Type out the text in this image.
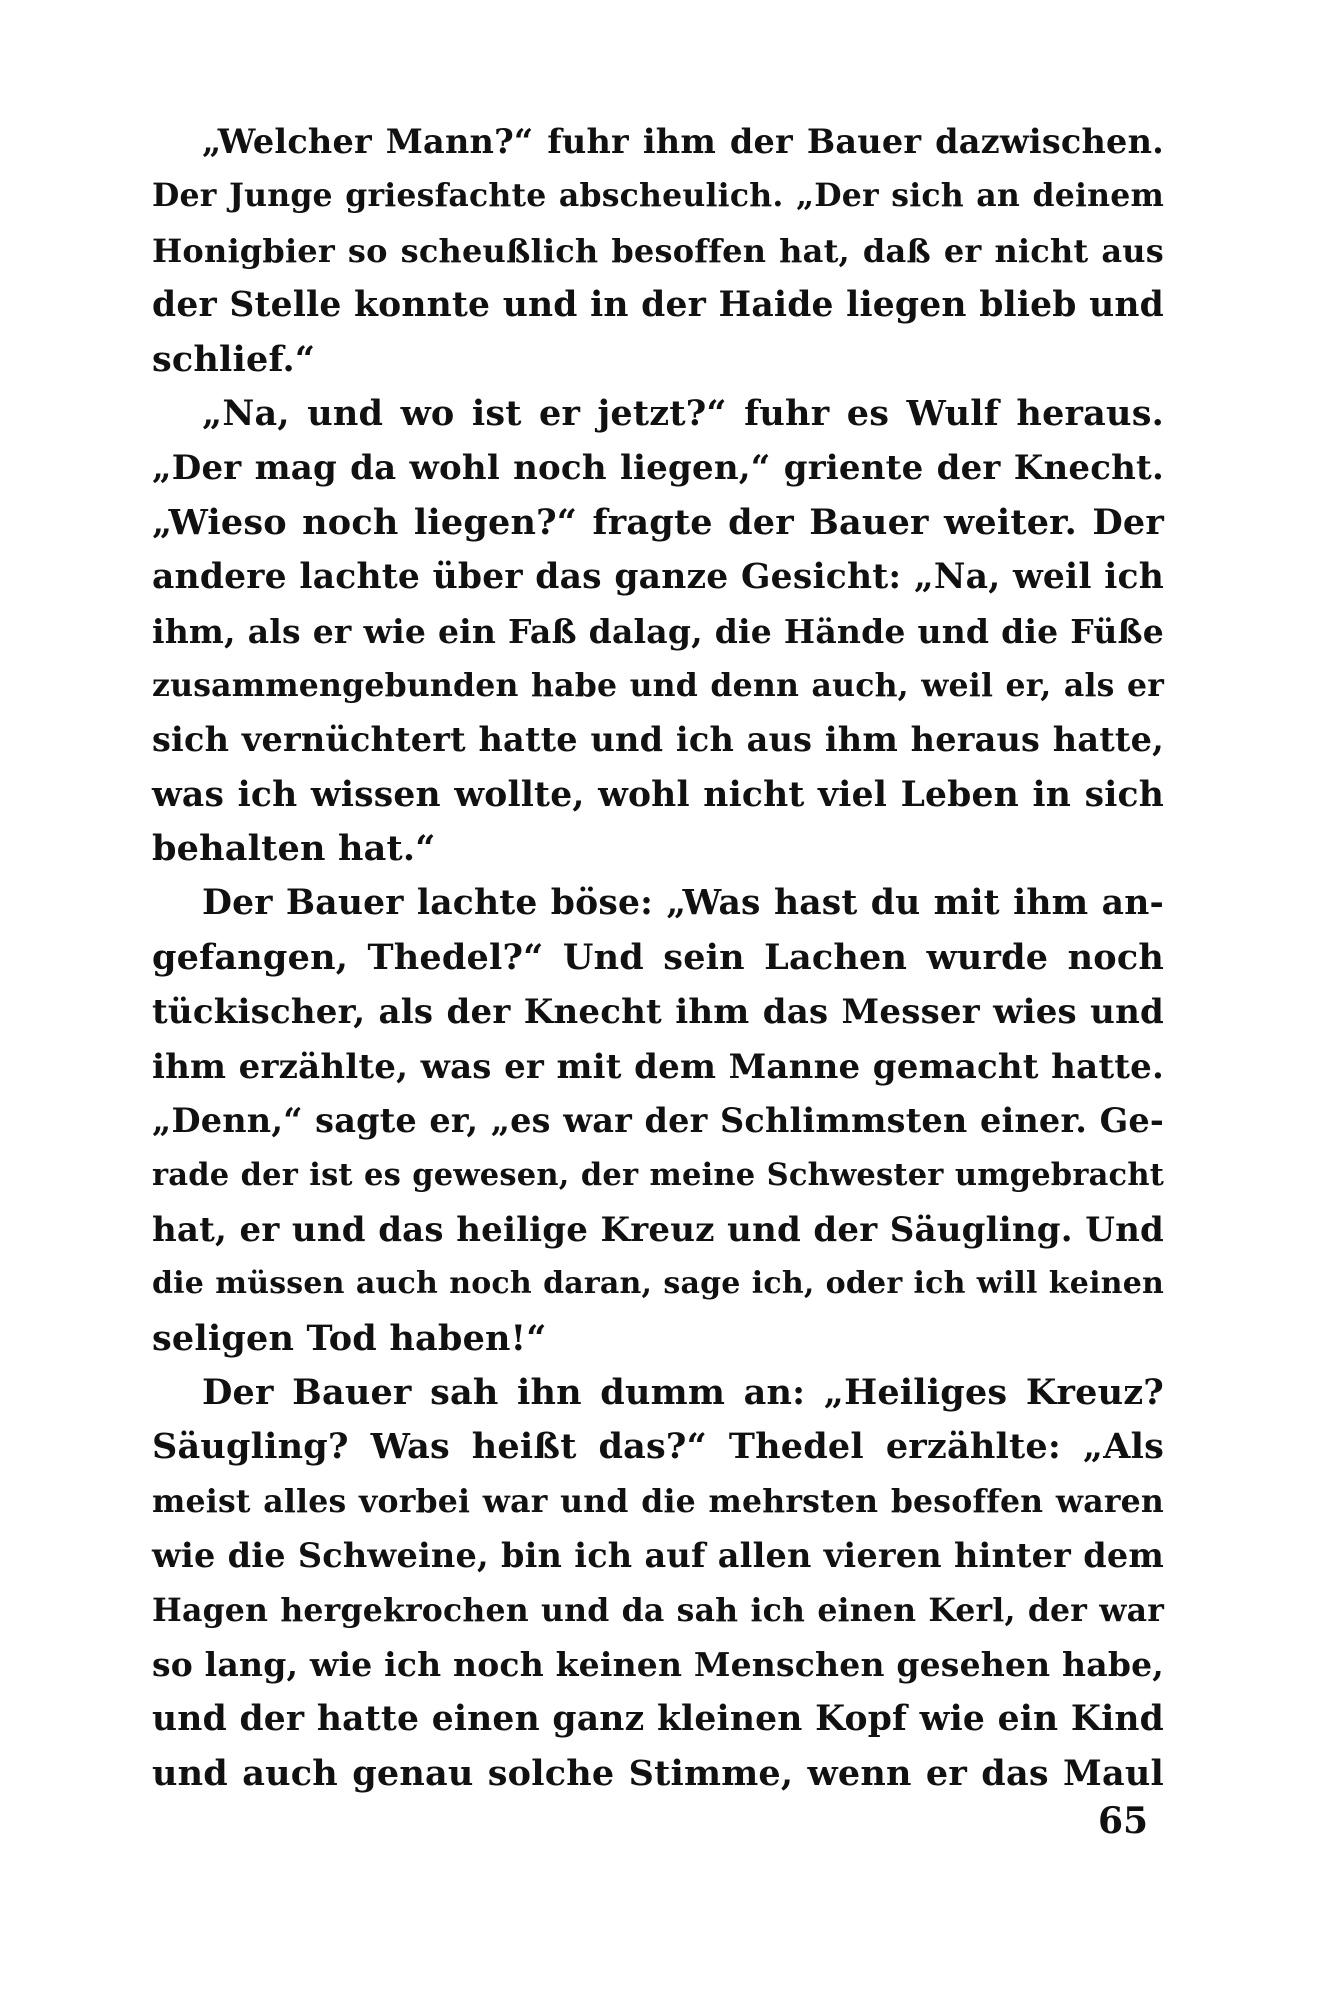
„Welcher Mann?“ fuhr ihm der Bauer dazwischen.
Der Junge griesfachte abscheulich. „Der sich an deinem
Honigbier so scheußlich besoffen hat, daß er nicht aus
der Stelle konnte und in der Haide liegen blieb und
schlief.“
„Na, und wo ist er jetzt?“ fuhr es Wulf heraus.
„Der mag da wohl noch liegen,“ griente der Knecht.
„Wieso noch liegen?“ fragte der Bauer weiter. Der
andere lachte über das ganze Gesicht: „Na, weil ich
ihm, als er wie ein Faß dalag, die Hände und die Füße
zusammengebunden habe und denn auch, weil er, als er
sich vernüchtert hatte und ich aus ihm heraus hatte,
was ich wissen wollte, wohl nicht viel Leben in sich
behalten hat.“
Der Bauer lachte böse: „Was hast du mit ihm an-
gefangen, Thedel?“ Und sein Lachen wurde noch
tückischer, als der Knecht ihm das Messer wies und
ihm erzählte, was er mit dem Manne gemacht hatte.
„Denn,“ sagte er, „es war der Schlimmsten einer. Ge-
rade der ist es gewesen, der meine Schwester umgebracht
hat, er und das heilige Kreuz und der Säugling. Und
die müssen auch noch daran, sage ich, oder ich will keinen
seligen Tod haben!“
Der Bauer sah ihn dumm an: „Heiliges Kreuz?
Säugling? Was heißt das?“ Thedel erzählte: „Als
meist alles vorbei war und die mehrsten besoffen waren
wie die Schweine, bin ich auf allen vieren hinter dem
Hagen hergekrochen und da sah ich einen Kerl, der war
so lang, wie ich noch keinen Menschen gesehen habe,
und der hatte einen ganz kleinen Kopf wie ein Kind
und auch genau solche Stimme, wenn er das Maul
65
